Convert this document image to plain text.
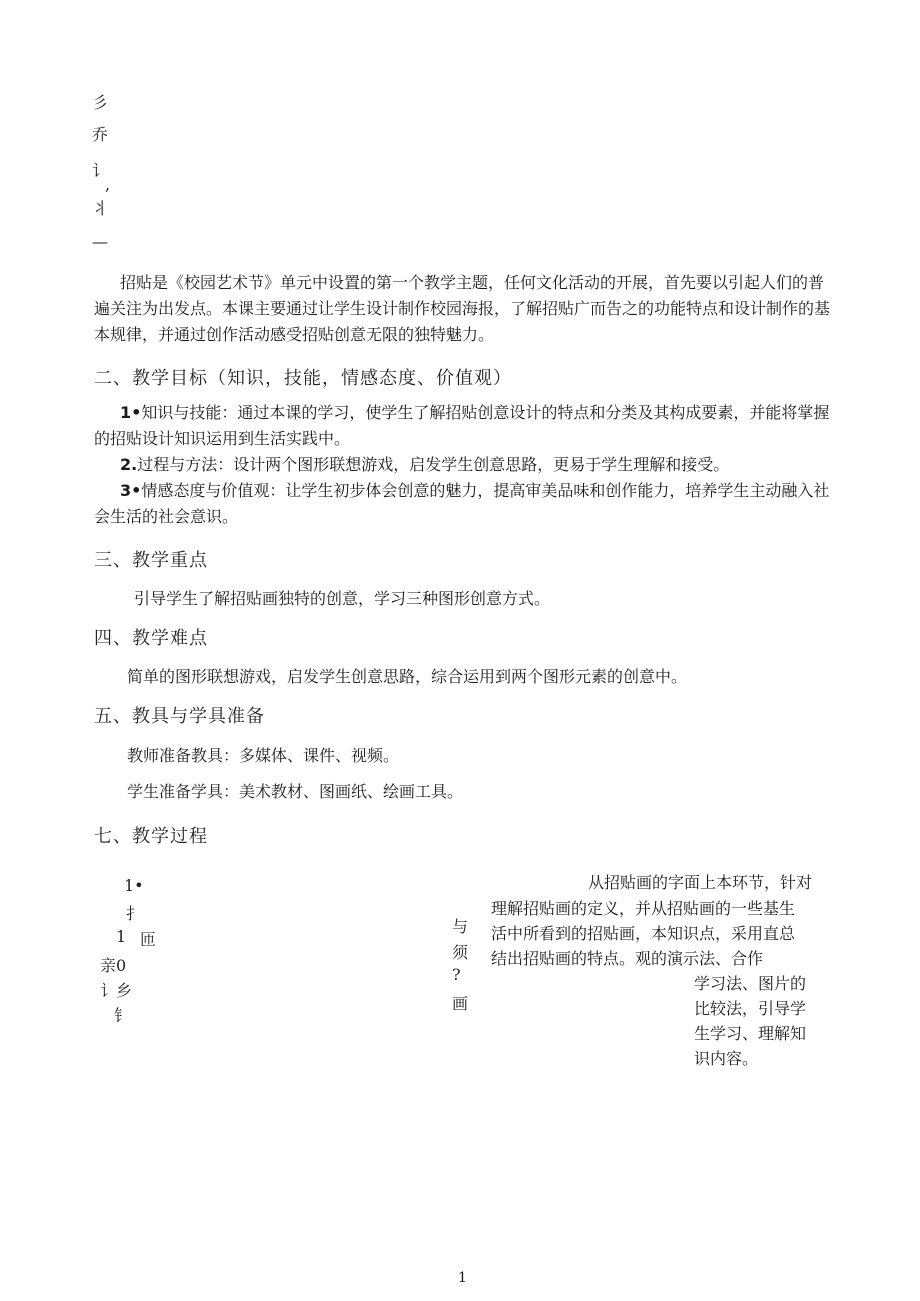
彡
乔
讠
,
丬
—
招贴是《校园艺术节》单元中设置的第一个教学主题，任何文化活动的开展，首先要以引起人们的普遍关注为出发点。本课主要通过让学生设计制作校园海报，了解招贴广而告之的功能特点和设计制作的基本规律，并通过创作活动感受招贴创意无限的独特魅力。
二、教学目标（知识，技能，情感态度、价值观）
1•知识与技能：通过本课的学习，使学生了解招贴创意设计的特点和分类及其构成要素，并能将掌握的招贴设计知识运用到生活实践中。
2.过程与方法：设计两个图形联想游戏，启发学生创意思路，更易于学生理解和接受。
3•情感态度与价值观：让学生初步体会创意的魅力，提高审美品味和创作能力，培养学生主动融入社会生活的社会意识。
三、教学重点
引导学生了解招贴画独特的创意，学习三种图形创意方式。
四、教学难点
简单的图形联想游戏，启发学生创意思路，综合运用到两个图形元素的创意中。
五、教具与学具准备
教师准备教具：多媒体、课件、视频。
学生准备学具：美术教材、图画纸、绘画工具。
七、教学过程
1•
扌
1 匝
亲0
讠乡
钅
与
须
?
画
从招贴画的字面上本环节，针对
理解招贴画的定义，并从招贴画的一些基生
活中所看到的招贴画，本知识点，采用直总
结出招贴画的特点。观的演示法、合作
学习法、图片的
比较法，引导学
生学习、理解知
识内容。
1
